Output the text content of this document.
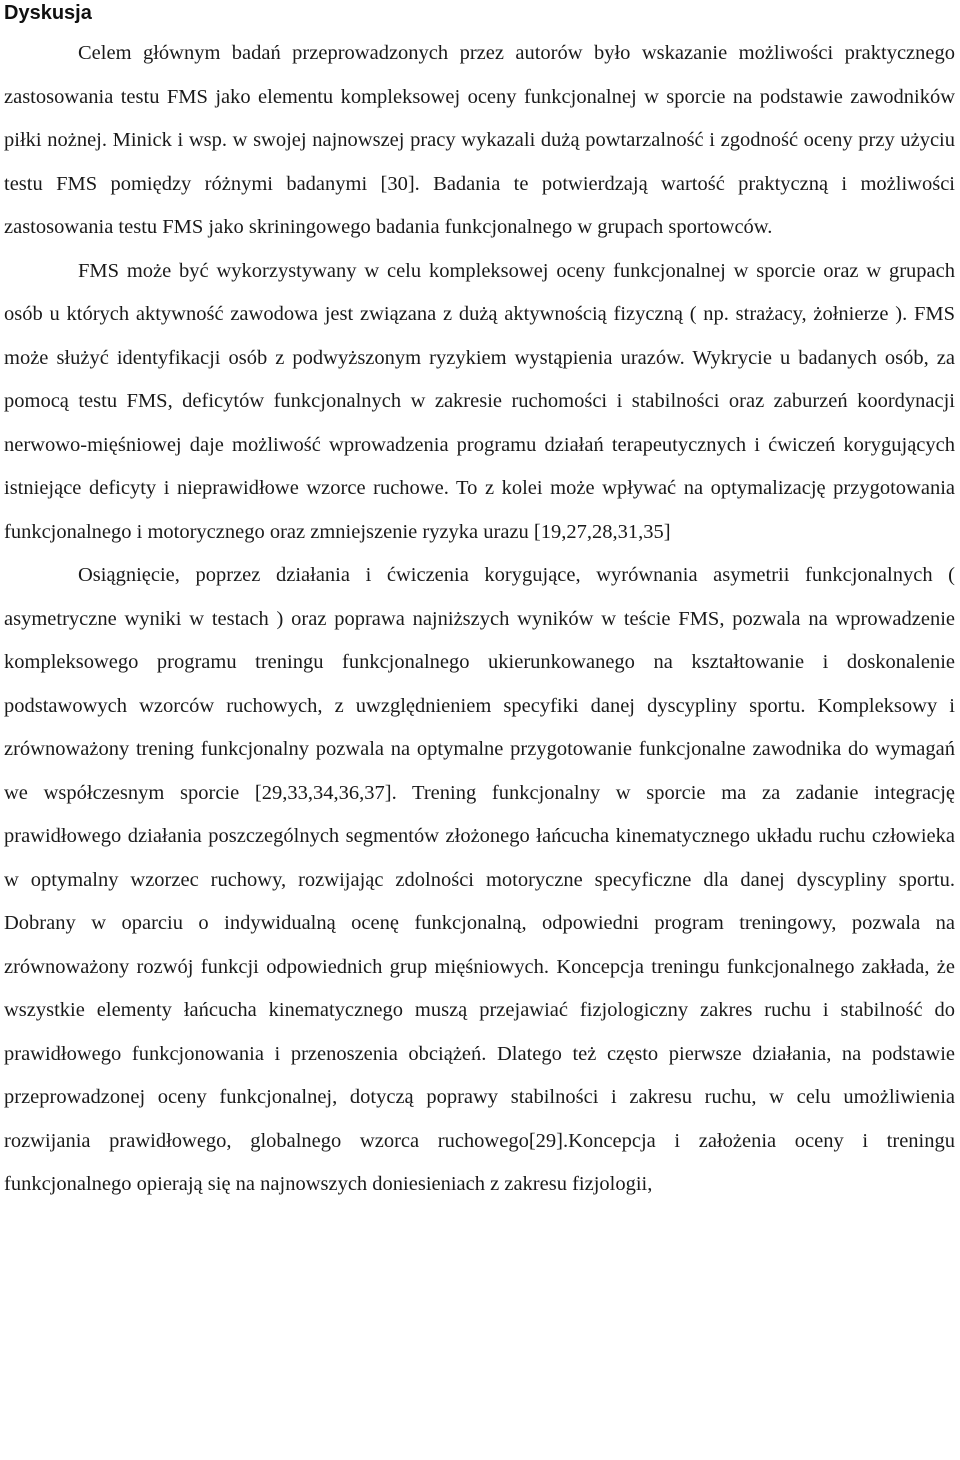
Dyskusja

Celem głównym badań przeprowadzonych przez autorów było wskazanie możliwości praktycznego zastosowania testu FMS jako elementu kompleksowej oceny funkcjonalnej w sporcie na podstawie zawodników piłki nożnej. Minick i wsp. w swojej najnowszej pracy wykazali dużą powtarzalność i zgodność oceny przy użyciu testu FMS pomiędzy różnymi badanymi [30]. Badania te potwierdzają wartość praktyczną i możliwości zastosowania testu FMS jako skriningowego badania funkcjonalnego w grupach sportowców.

FMS może być wykorzystywany w celu kompleksowej oceny funkcjonalnej w sporcie oraz w grupach osób u których aktywność zawodowa jest związana z dużą aktywnością fizyczną ( np. strażacy, żołnierze ). FMS może służyć identyfikacji osób z podwyższonym ryzykiem wystąpienia urazów. Wykrycie u badanych osób, za pomocą testu FMS, deficytów funkcjonalnych w zakresie ruchomości i stabilności oraz zaburzeń koordynacji nerwowo-mięśniowej daje możliwość wprowadzenia programu działań terapeutycznych i ćwiczeń korygujących istniejące deficyty i nieprawidłowe wzorce ruchowe. To z kolei może wpływać na optymalizację przygotowania funkcjonalnego i motorycznego oraz zmniejszenie ryzyka urazu [19,27,28,31,35]

Osiągnięcie, poprzez działania i ćwiczenia korygujące, wyrównania asymetrii funkcjonalnych ( asymetryczne wyniki w testach ) oraz poprawa najniższych wyników w teście FMS, pozwala na wprowadzenie kompleksowego programu treningu funkcjonalnego ukierunkowanego na kształtowanie i doskonalenie podstawowych wzorców ruchowych, z uwzględnieniem specyfiki danej dyscypliny sportu. Kompleksowy i zrównoważony trening funkcjonalny pozwala na optymalne przygotowanie funkcjonalne zawodnika do wymagań we współczesnym sporcie [29,33,34,36,37]. Trening funkcjonalny w sporcie ma za zadanie integrację prawidłowego działania poszczególnych segmentów złożonego łańcucha kinematycznego układu ruchu człowieka w optymalny wzorzec ruchowy, rozwijając zdolności motoryczne specyficzne dla danej dyscypliny sportu. Dobrany w oparciu o indywidualną ocenę funkcjonalną, odpowiedni program treningowy, pozwala na zrównoważony rozwój funkcji odpowiednich grup mięśniowych. Koncepcja treningu funkcjonalnego zakłada, że wszystkie elementy łańcucha kinematycznego muszą przejawiać fizjologiczny zakres ruchu i stabilność do prawidłowego funkcjonowania i przenoszenia obciążeń. Dlatego też często pierwsze działania, na podstawie przeprowadzonej oceny funkcjonalnej, dotyczą poprawy stabilności i zakresu ruchu, w celu umożliwienia rozwijania prawidłowego, globalnego wzorca ruchowego[29].Koncepcja i założenia oceny i treningu funkcjonalnego opierają się na najnowszych doniesieniach z zakresu fizjologii,
